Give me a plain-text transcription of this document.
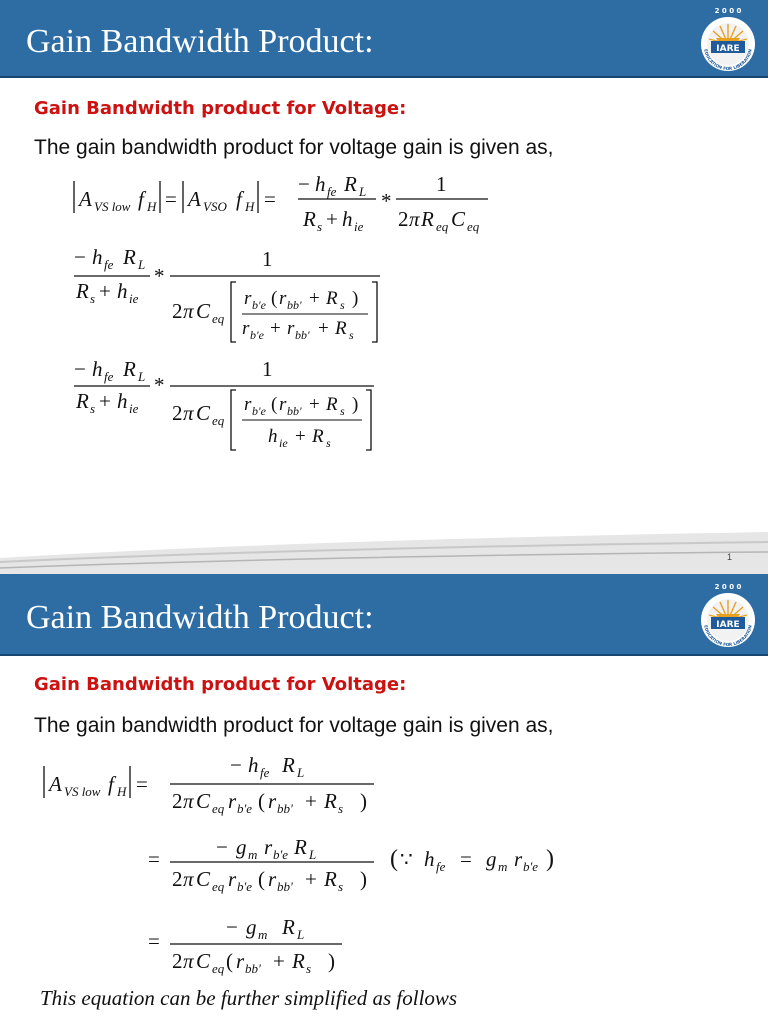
Gain Bandwidth Product:
2 0 0 0
IARE
EDUCATION FOR LIBERATION
Gain Bandwidth product for Voltage:
The gain bandwidth product for voltage gain is given as,
A VS low f H = A VSO f H =
− h fe R L
R s + h ie
*
1
2 π R eq C eq
− h fe R L
R s + h ie
*
1
2 π C eq
r b'e ( r bb' + R s )
r b'e + r bb' + R s
− h fe R L
R s + h ie
*
1
2 π C eq
r b'e ( r bb' + R s )
h ie + R s
1
Gain Bandwidth Product:
2 0 0 0
IARE
EDUCATION FOR LIBERATION
Gain Bandwidth product for Voltage:
The gain bandwidth product for voltage gain is given as,
A VS low f H =
− h fe R L
2 π C eq r b'e ( r bb' + R s )
=	− g m r b'e R L
2 π C eq r b'e ( r bb' + R s )
( ∵ h fe = g m r b'e )
=
− g m R L
2 π C eq ( r bb' + R s )
This equation can be further simplified as follows
